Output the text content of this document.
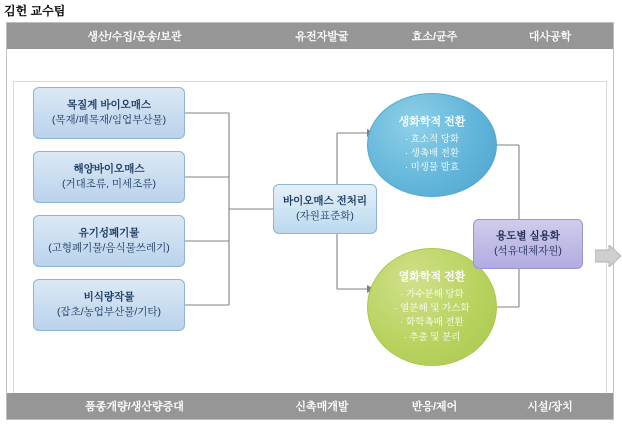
김헌 교수팀
생산/수집/운송/보관	유전자발굴	효소/균주	대사공학
목질계 바이오매스
(목재/폐목재/임업부산물)
해양바이오매스
(거대조류, 미세조류)
유기성폐기물
(고형폐기물/음식물쓰레기)
비식량작물
(잡초/농업부산물/기타)
바이오매스 전처리
(자원표준화)
생화학적 전환
· 효소적 당화
· 생촉배 전환
· 미생물 발효
열화학적 전환
· 가수분해 당화
· 열분해 및 가스화
· 화학촉매 전환
· 추출 및 분리
용도별 실용화
(석유대체자원)
품종개량/생산량증대	신촉매개발	반응/제어	시설/장치
